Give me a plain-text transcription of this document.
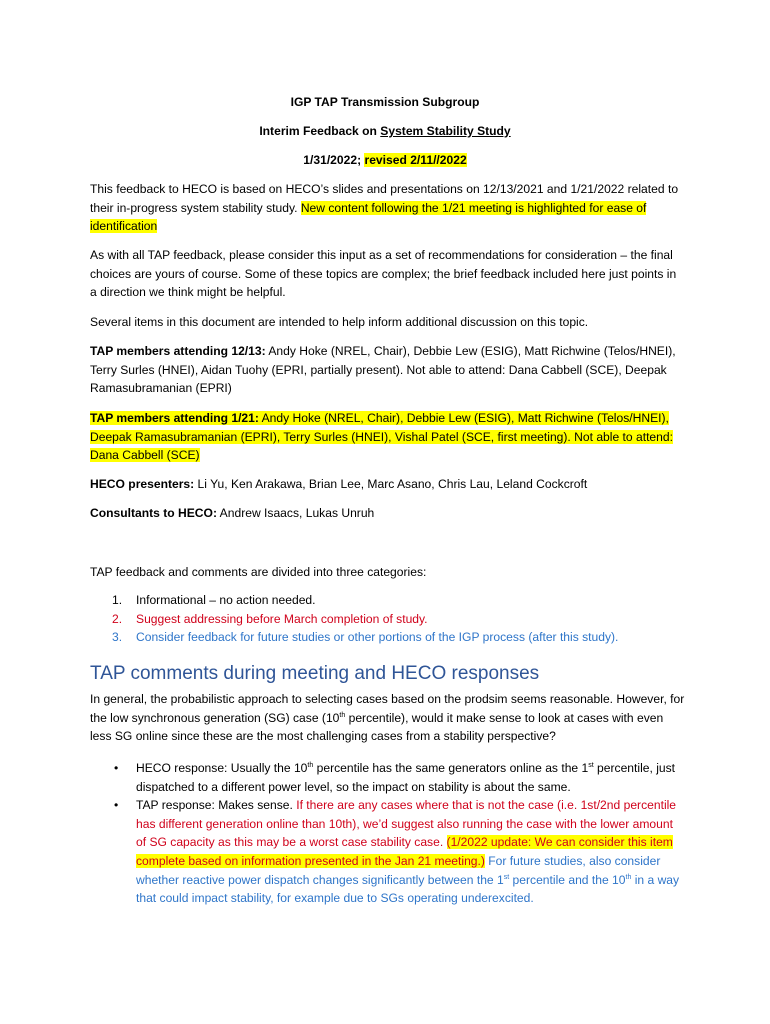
IGP TAP Transmission Subgroup

Interim Feedback on System Stability Study

1/31/2022; revised 2/11//2022

This feedback to HECO is based on HECO’s slides and presentations on 12/13/2021 and 1/21/2022 related to their in-progress system stability study. New content following the 1/21 meeting is highlighted for ease of identification

As with all TAP feedback, please consider this input as a set of recommendations for consideration – the final choices are yours of course. Some of these topics are complex; the brief feedback included here just points in a direction we think might be helpful.

Several items in this document are intended to help inform additional discussion on this topic.

TAP members attending 12/13: Andy Hoke (NREL, Chair), Debbie Lew (ESIG), Matt Richwine (Telos/HNEI), Terry Surles (HNEI), Aidan Tuohy (EPRI, partially present). Not able to attend: Dana Cabbell (SCE), Deepak Ramasubramanian (EPRI)

TAP members attending 1/21: Andy Hoke (NREL, Chair), Debbie Lew (ESIG), Matt Richwine (Telos/HNEI), Deepak Ramasubramanian (EPRI), Terry Surles (HNEI), Vishal Patel (SCE, first meeting). Not able to attend: Dana Cabbell (SCE)

HECO presenters: Li Yu, Ken Arakawa, Brian Lee, Marc Asano, Chris Lau, Leland Cockcroft

Consultants to HECO: Andrew Isaacs, Lukas Unruh

TAP feedback and comments are divided into three categories:

1. Informational – no action needed.
2. Suggest addressing before March completion of study.
3. Consider feedback for future studies or other portions of the IGP process (after this study).
TAP comments during meeting and HECO responses

In general, the probabilistic approach to selecting cases based on the prodsim seems reasonable. However, for the low synchronous generation (SG) case (10th percentile), would it make sense to look at cases with even less SG online since these are the most challenging cases from a stability perspective?

• HECO response: Usually the 10th percentile has the same generators online as the 1st percentile, just dispatched to a different power level, so the impact on stability is about the same.
• TAP response: Makes sense. If there are any cases where that is not the case (i.e. 1st/2nd percentile has different generation online than 10th), we’d suggest also running the case with the lower amount of SG capacity as this may be a worst case stability case. (1/2022 update: We can consider this item complete based on information presented in the Jan 21 meeting.) For future studies, also consider whether reactive power dispatch changes significantly between the 1st percentile and the 10th in a way that could impact stability, for example due to SGs operating underexcited.
